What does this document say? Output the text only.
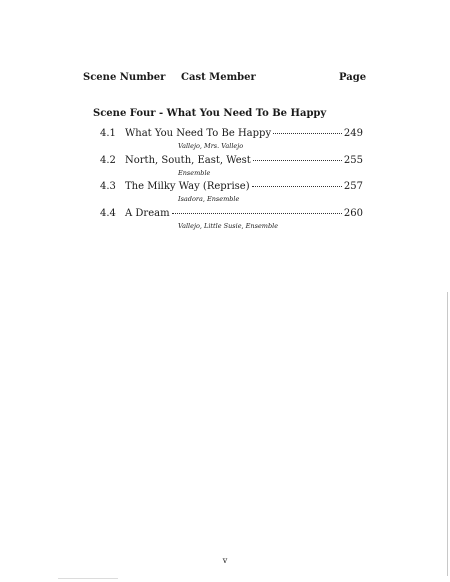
Scene Number Cast Member	Page
Scene Four - What You Need To Be Happy
4.1 What You Need To Be Happy	249
Vallejo, Mrs. Vallejo
4.2 North, South, East, West	255
Ensemble
4.3 The Milky Way (Reprise)	257
Isadora, Ensemble
4.4 A Dream	260
Vallejo, Little Susie, Ensemble
v
